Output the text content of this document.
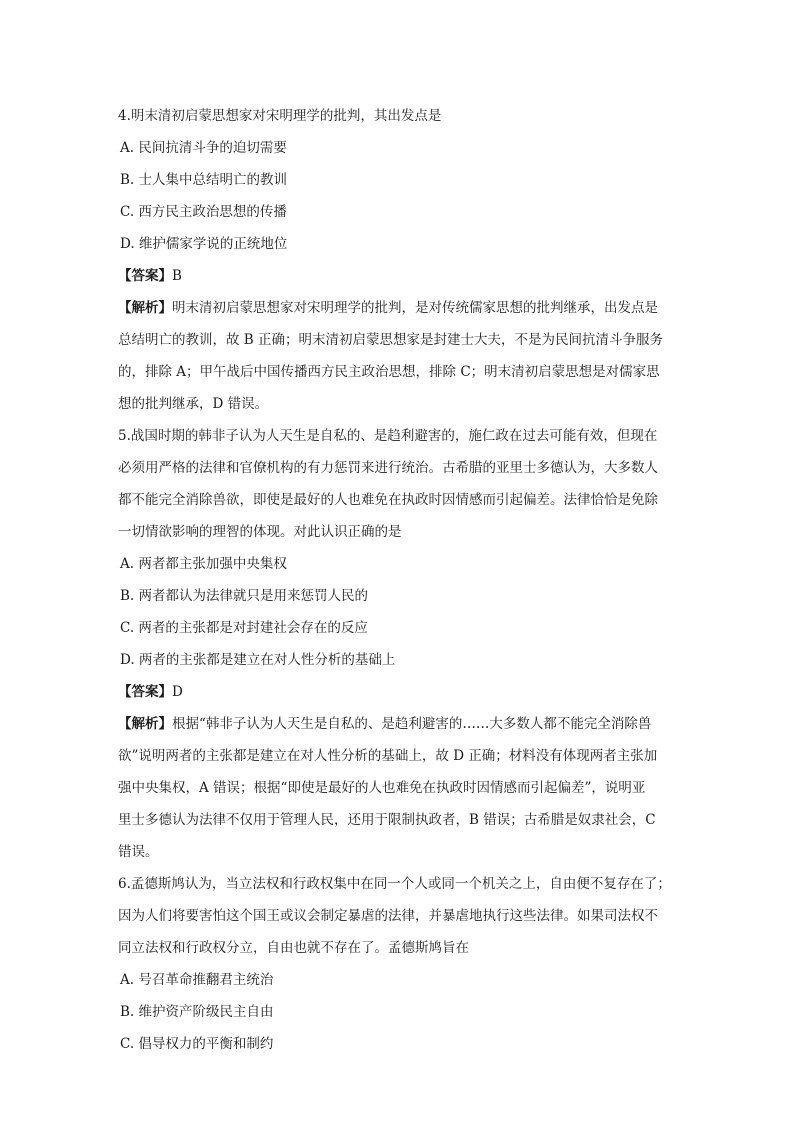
4.明末清初启蒙思想家对宋明理学的批判，其出发点是
A. 民间抗清斗争的迫切需要
B. 士人集中总结明亡的教训
C. 西方民主政治思想的传播
D. 维护儒家学说的正统地位
【答案】B
【解析】明末清初启蒙思想家对宋明理学的批判，是对传统儒家思想的批判继承，出发点是
总结明亡的教训，故 B 正确；明末清初启蒙思想家是封建士大夫，不是为民间抗清斗争服务
的，排除 A；甲午战后中国传播西方民主政治思想，排除 C；明末清初启蒙思想是对儒家思
想的批判继承，D 错误。
5.战国时期的韩非子认为人天生是自私的、是趋利避害的，施仁政在过去可能有效，但现在
必须用严格的法律和官僚机构的有力惩罚来进行统治。古希腊的亚里士多德认为，大多数人
都不能完全消除兽欲，即使是最好的人也难免在执政时因情感而引起偏差。法律恰恰是免除
一切情欲影响的理智的体现。对此认识正确的是
A. 两者都主张加强中央集权
B. 两者都认为法律就只是用来惩罚人民的
C. 两者的主张都是对封建社会存在的反应
D. 两者的主张都是建立在对人性分析的基础上
【答案】D
【解析】根据“韩非子认为人天生是自私的、是趋利避害的……大多数人都不能完全消除兽
欲”说明两者的主张都是建立在对人性分析的基础上，故 D 正确；材料没有体现两者主张加
强中央集权，A 错误；根据“即使是最好的人也难免在执政时因情感而引起偏差”，说明亚
里士多德认为法律不仅用于管理人民，还用于限制执政者，B 错误；古希腊是奴隶社会，C
错误。
6.孟德斯鸠认为，当立法权和行政权集中在同一个人或同一个机关之上，自由便不复存在了；
因为人们将要害怕这个国王或议会制定暴虐的法律，并暴虐地执行这些法律。如果司法权不
同立法权和行政权分立，自由也就不存在了。孟德斯鸠旨在
A. 号召革命推翻君主统治
B. 维护资产阶级民主自由
C. 倡导权力的平衡和制约
